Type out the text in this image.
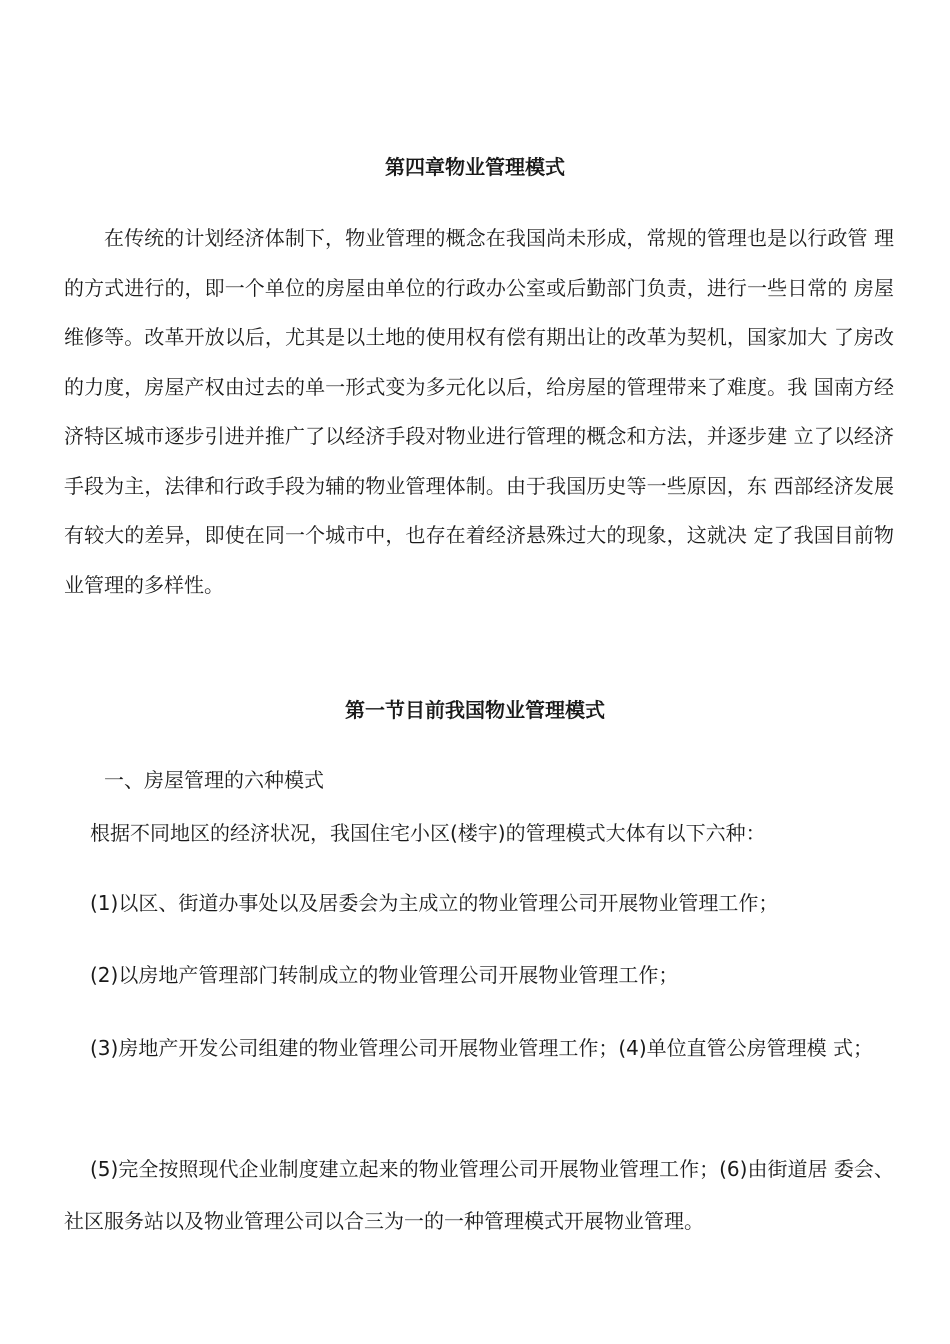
第四章物业管理模式

在传统的计划经济体制下，物业管理的概念在我国尚未形成，常规的管理也是以行政管 理的方式进行的，即一个单位的房屋由单位的行政办公室或后勤部门负责，进行一些日常的 房屋维修等。改革开放以后，尤其是以土地的使用权有偿有期出让的改革为契机，国家加大 了房改的力度，房屋产权由过去的单一形式变为多元化以后，给房屋的管理带来了难度。我 国南方经济特区城市逐步引进并推广了以经济手段对物业进行管理的概念和方法，并逐步建 立了以经济手段为主，法律和行政手段为辅的物业管理体制。由于我国历史等一些原因，东 西部经济发展有较大的差异，即使在同一个城市中，也存在着经济悬殊过大的现象，这就决 定了我国目前物业管理的多样性。

第一节目前我国物业管理模式
一、房屋管理的六种模式
根据不同地区的经济状况，我国住宅小区(楼宇)的管理模式大体有以下六种：
(1)以区、街道办事处以及居委会为主成立的物业管理公司开展物业管理工作；
(2)以房地产管理部门转制成立的物业管理公司开展物业管理工作；

(3)房地产开发公司组建的物业管理公司开展物业管理工作；(4)单位直管公房管理模 式；

(5)完全按照现代企业制度建立起来的物业管理公司开展物业管理工作；(6)由街道居 委会、社区服务站以及物业管理公司以合三为一的一种管理模式开展物业管理。
